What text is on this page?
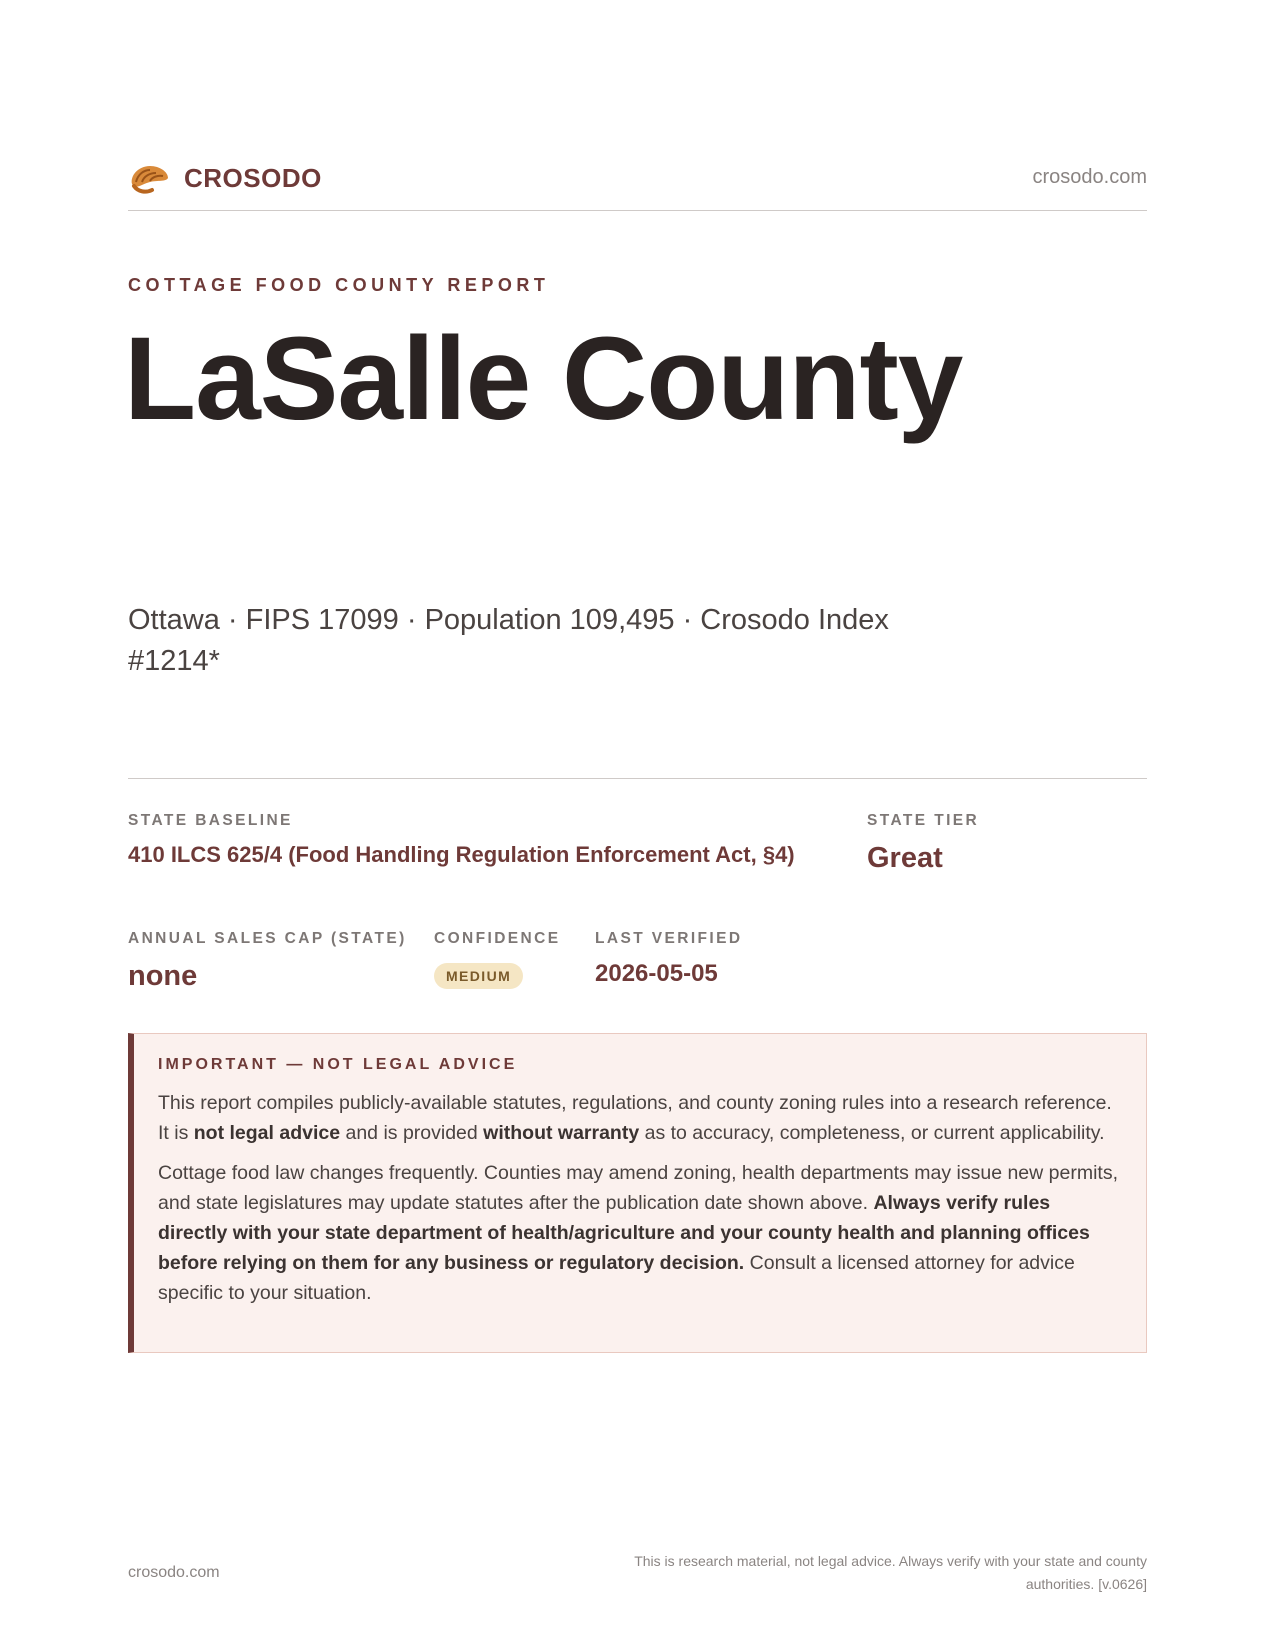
CROSODO	crosodo.com
COTTAGE FOOD COUNTY REPORT
LaSalle County
Ottawa · FIPS 17099 · Population 109,495 · Crosodo Index #1214*
STATE BASELINE
410 ILCS 625/4 (Food Handling Regulation Enforcement Act, §4)
STATE TIER
Great
ANNUAL SALES CAP (STATE)
none
CONFIDENCE
MEDIUM
LAST VERIFIED
2026-05-05
IMPORTANT — NOT LEGAL ADVICE

This report compiles publicly-available statutes, regulations, and county zoning rules into a research reference. It is not legal advice and is provided without warranty as to accuracy, completeness, or current applicability.

Cottage food law changes frequently. Counties may amend zoning, health departments may issue new permits, and state legislatures may update statutes after the publication date shown above. Always verify rules directly with your state department of health/agriculture and your county health and planning offices before relying on them for any business or regulatory decision. Consult a licensed attorney for advice specific to your situation.

crosodo.com
This is research material, not legal advice. Always verify with your state and county authorities. [v.0626]
